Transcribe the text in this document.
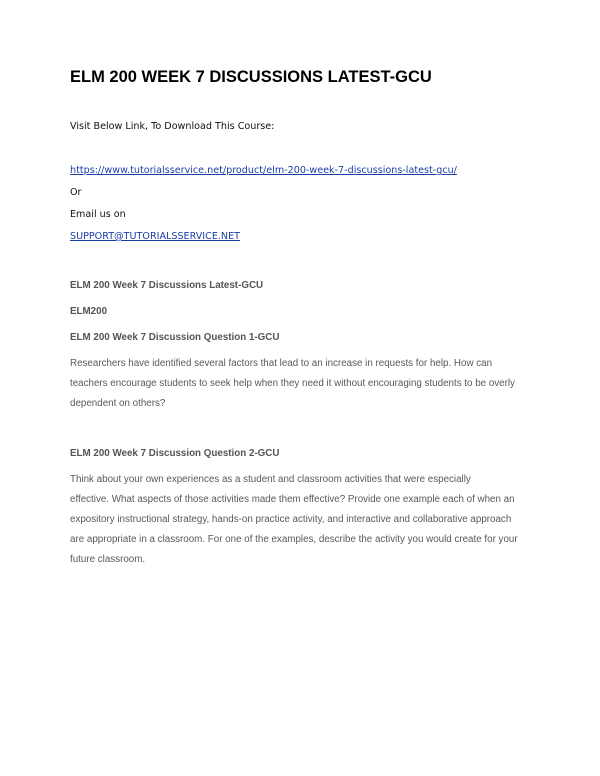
ELM 200 WEEK 7 DISCUSSIONS LATEST-GCU
Visit Below Link, To Download This Course:
https://www.tutorialsservice.net/product/elm-200-week-7-discussions-latest-gcu/
Or
Email us on
SUPPORT@TUTORIALSSERVICE.NET
ELM 200 Week 7 Discussions Latest-GCU
ELM200
ELM 200 Week 7 Discussion Question 1-GCU
Researchers have identified several factors that lead to an increase in requests for help. How can
teachers encourage students to seek help when they need it without encouraging students to be overly
dependent on others?
ELM 200 Week 7 Discussion Question 2-GCU
Think about your own experiences as a student and classroom activities that were especially
effective. What aspects of those activities made them effective? Provide one example each of when an
expository instructional strategy, hands-on practice activity, and interactive and collaborative approach
are appropriate in a classroom. For one of the examples, describe the activity you would create for your
future classroom.
